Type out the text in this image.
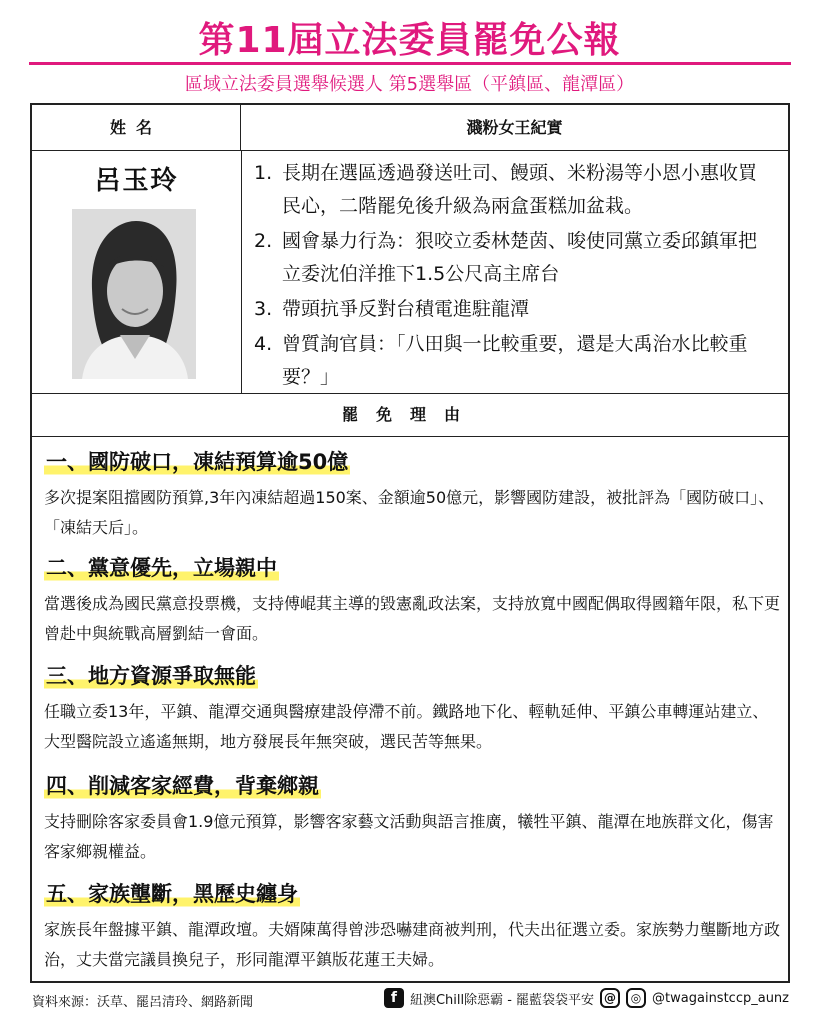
第11屆立法委員罷免公報
區域立法委員選舉候選人 第5選舉區（平鎮區、龍潭區）
姓名	濺粉女王紀實
呂玉玲	1. 長期在選區透過發送吐司、饅頭、米粉湯等小恩小惠收買民心，二階罷免後升級為兩盒蛋糕加盆栽。
2. 國會暴力行為：狠咬立委林楚茵、唆使同黨立委邱鎮軍把立委沈伯洋推下1.5公尺高主席台
3. 帶頭抗爭反對台積電進駐龍潭
4. 曾質詢官員：「八田與一比較重要，還是大禹治水比較重要？」
罷免理由
一、國防破口，凍結預算逾50億
多次提案阻擋國防預算,3年內凍結超過150案、金額逾50億元，影響國防建設，被批評為「國防破口」、「凍結天后」。
二、黨意優先，立場親中
當選後成為國民黨意投票機，支持傅崐萁主導的毀憲亂政法案，支持放寬中國配偶取得國籍年限，私下更曾赴中與統戰高層劉結一會面。
三、地方資源爭取無能
任職立委13年，平鎮、龍潭交通與醫療建設停滯不前。鐵路地下化、輕軌延伸、平鎮公車轉運站建立、大型醫院設立遙遙無期，地方發展長年無突破，選民苦等無果。
四、削減客家經費，背棄鄉親
支持刪除客家委員會1.9億元預算，影響客家藝文活動與語言推廣，犧牲平鎮、龍潭在地族群文化，傷害客家鄉親權益。
五、家族壟斷，黑歷史纏身
家族長年盤據平鎮、龍潭政壇。夫婿陳萬得曾涉恐嚇建商被判刑，代夫出征選立委。家族勢力壟斷地方政治，丈夫當完議員換兒子，形同龍潭平鎮版花蓮王夫婦。
資料來源：沃草、罷呂清玲、網路新聞	f 紐澳Chill除惡霸 - 罷藍袋袋平安 @	◎ @twagainstccp_aunz
